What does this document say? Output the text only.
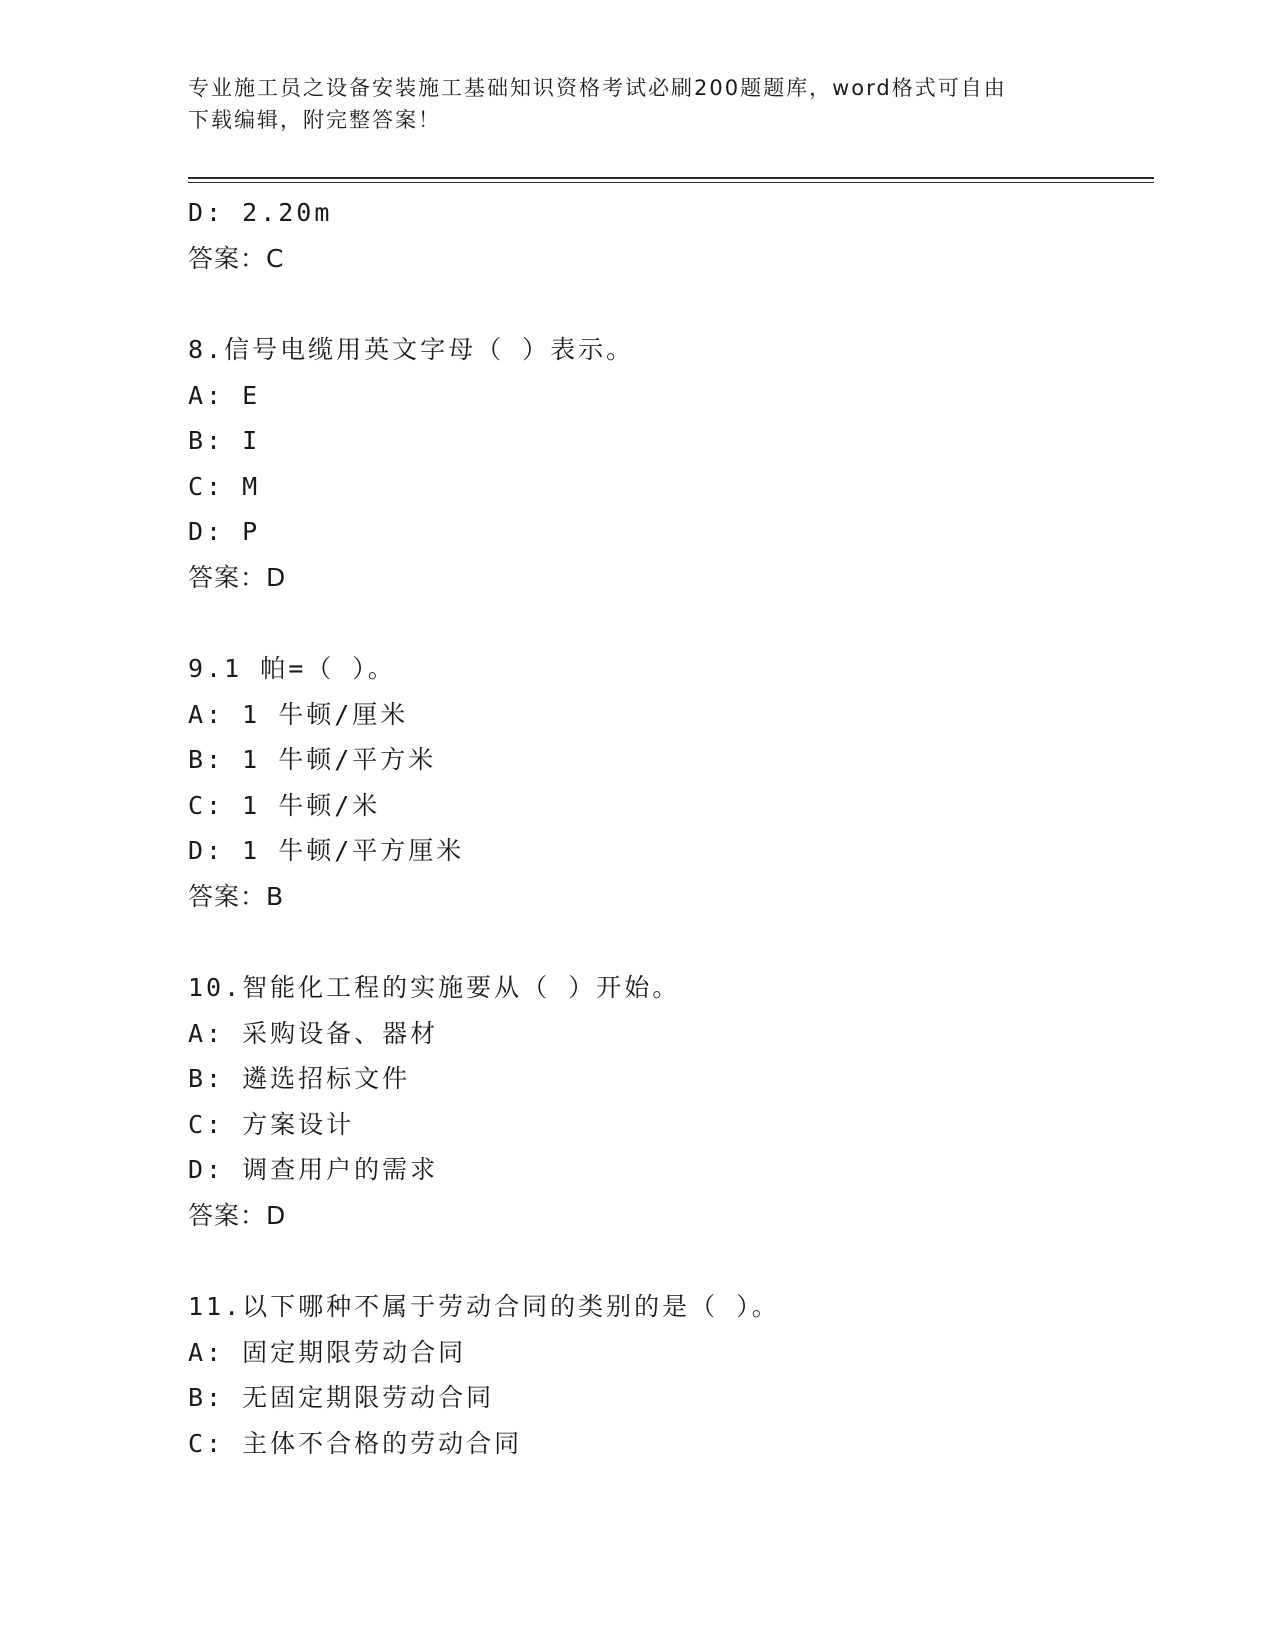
专业施工员之设备安装施工基础知识资格考试必刷200题题库，word格式可自由
下载编辑，附完整答案！
D: 2.20m
答案：C
8.信号电缆用英文字母（ ）表示。
A: E
B: I
C: M
D: P
答案：D
9.1 帕=（ ）。
A: 1 牛顿/厘米
B: 1 牛顿/平方米
C: 1 牛顿/米
D: 1 牛顿/平方厘米
答案：B
10.智能化工程的实施要从（ ）开始。
A: 采购设备、器材
B: 遴选招标文件
C: 方案设计
D: 调查用户的需求
答案：D
11.以下哪种不属于劳动合同的类别的是（ ）。
A: 固定期限劳动合同
B: 无固定期限劳动合同
C: 主体不合格的劳动合同
